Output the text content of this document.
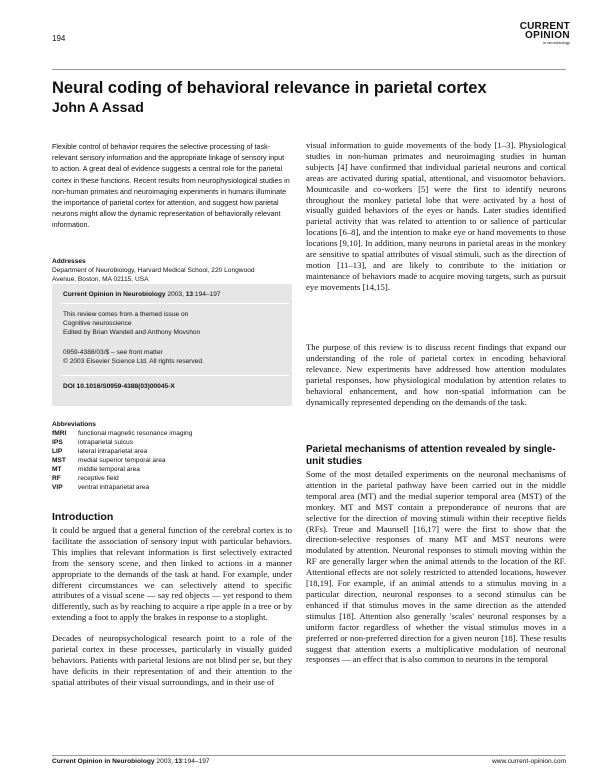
194
CURRENT
OPINION
in neurobiology
Neural coding of behavioral relevance in parietal cortex
John A Assad
Flexible control of behavior requires the selective processing of task-relevant sensory information and the appropriate linkage of sensory input to action. A great deal of evidence suggests a central role for the parietal cortex in these functions. Recent results from neurophysiological studies in non-human primates and neuroimaging experiments in humans illuminate the importance of parietal cortex for attention, and suggest how parietal neurons might allow the dynamic representation of behaviorally relevant information.
Addresses
Department of Neurobiology, Harvard Medical School, 220 Longwood
Avenue, Boston, MA 02115, USA
Current Opinion in Neurobiology 2003, 13:194–197
This review comes from a themed issue on
Cognitive neuroscience
Edited by Brian Wandell and Anthony Movshon
0959-4388/03/$ – see front matter
© 2003 Elsevier Science Ltd. All rights reserved.
DOI 10.1016/S0959-4388(03)00045-X
Abbreviations
fMRI	functional magnetic resonance imaging
IPS	intraparietal sulcus
LIP	lateral intraparietal area
MST	medial superior temporal area
MT	middle temporal area
RF	receptive field
VIP	ventral intraparietal area
Introduction

It could be argued that a general function of the cerebral cortex is to facilitate the association of sensory input with particular behaviors. This implies that relevant information is first selectively extracted from the sensory scene, and then linked to actions in a manner appropriate to the demands of the task at hand. For example, under different circumstances we can selectively attend to specific attributes of a visual scene — say red objects — yet respond to them differently, such as by reaching to acquire a ripe apple in a tree or by extending a foot to apply the brakes in response to a stoplight.

Decades of neuropsychological research point to a role of the parietal cortex in these processes, particularly in visually guided behaviors. Patients with parietal lesions are not blind per se, but they have deficits in their representation of and their attention to the spatial attributes of their visual surroundings, and in their use of

visual information to guide movements of the body [1–3]. Physiological studies in non-human primates and neuroimaging studies in human subjects [4] have confirmed that individual parietal neurons and cortical areas are activated during spatial, attentional, and visuomotor behaviors. Mountcastle and co-workers [5] were the first to identify neurons throughout the monkey parietal lobe that were activated by a host of visually guided behaviors of the eyes or hands. Later studies identified parietal activity that was related to attention to or salience of particular locations [6–8], and the intention to make eye or hand movements to those locations [9,10]. In addition, many neurons in parietal areas in the monkey are sensitive to spatial attributes of visual stimuli, such as the direction of motion [11–13], and are likely to contribute to the initiation or maintenance of behaviors made to acquire moving targets, such as pursuit eye movements [14,15].
The purpose of this review is to discuss recent findings that expand our understanding of the role of parietal cortex in encoding behavioral relevance. New experiments have addressed how attention modulates parietal responses, how physiological modulation by attention relates to behavioral enhancement, and how non-spatial information can be dynamically represented depending on the demands of the task.
Parietal mechanisms of attention revealed by single-unit studies
Some of the most detailed experiments on the neuronal mechanisms of attention in the parietal pathway have been carried out in the middle temporal area (MT) and the medial superior temporal area (MST) of the monkey. MT and MST contain a preponderance of neurons that are selective for the direction of moving stimuli within their receptive fields (RFs). Treue and Maunsell [16,17] were the first to show that the direction-selective responses of many MT and MST neurons were modulated by attention. Neuronal responses to stimuli moving within the RF are generally larger when the animal attends to the location of the RF. Attentional effects are not solely restricted to attended locations, however [18,19]. For example, if an animal attends to a stimulus moving in a particular direction, neuronal responses to a second stimulus can be enhanced if that stimulus moves in the same direction as the attended stimulus [18]. Attention also generally 'scales' neuronal responses by a uniform factor regardless of whether the visual stimulus moves in a preferred or non-preferred direction for a given neuron [18]. These results suggest that attention exerts a multiplicative modulation of neuronal responses — an effect that is also common to neurons in the temporal
Current Opinion in Neurobiology 2003, 13:194–197	www.current-opinion.com
